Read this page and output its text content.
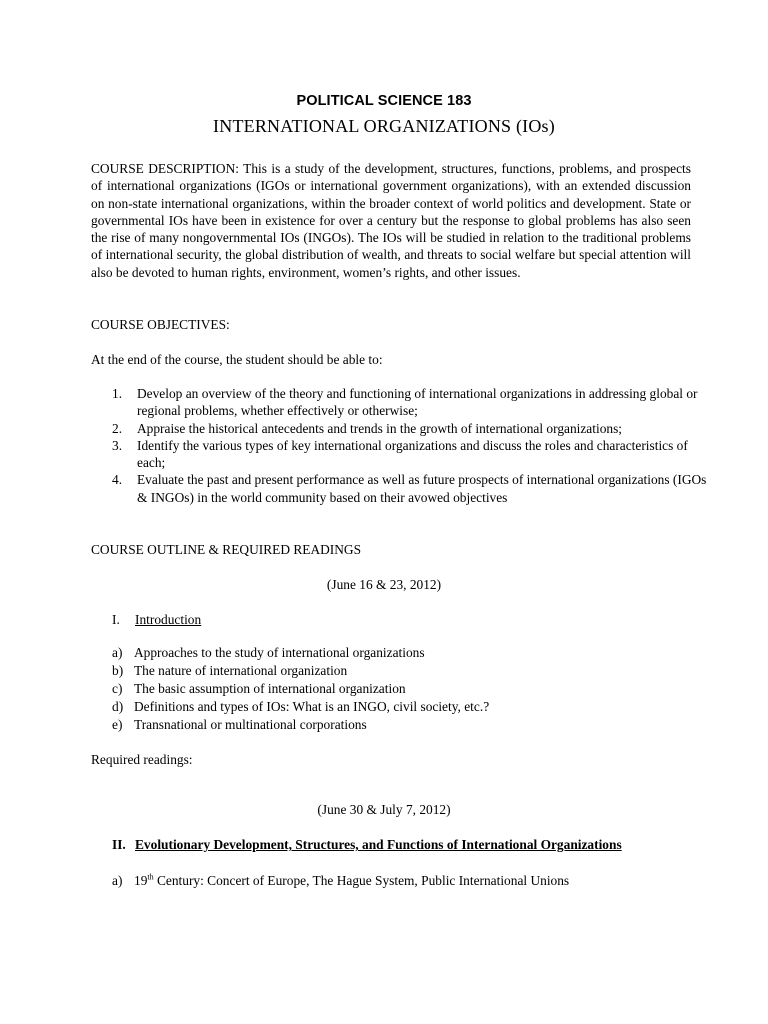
POLITICAL SCIENCE 183
INTERNATIONAL ORGANIZATIONS (IOs)
COURSE DESCRIPTION: This is a study of the development, structures, functions, problems, and prospects of international organizations (IGOs or international government organizations), with an extended discussion on non-state international organizations, within the broader context of world politics and development. State or governmental IOs have been in existence for over a century but the response to global problems has also seen the rise of many nongovernmental IOs (INGOs). The IOs will be studied in relation to the traditional problems of international security, the global distribution of wealth, and threats to social welfare but special attention will also be devoted to human rights, environment, women’s rights, and other issues.
COURSE OBJECTIVES:
At the end of the course, the student should be able to:
1. Develop an overview of the theory and functioning of international organizations in addressing global or regional problems, whether effectively or otherwise;
2. Appraise the historical antecedents and trends in the growth of international organizations;
3. Identify the various types of key international organizations and discuss the roles and characteristics of each;
4. Evaluate the past and present performance as well as future prospects of international organizations (IGOs & INGOs) in the world community based on their avowed objectives
COURSE OUTLINE & REQUIRED READINGS
(June 16 & 23, 2012)
I. Introduction
a) Approaches to the study of international organizations
b) The nature of international organization
c) The basic assumption of international organization
d) Definitions and types of IOs: What is an INGO, civil society, etc.?
e) Transnational or multinational corporations
Required readings:
(June 30 & July 7, 2012)
II. Evolutionary Development, Structures, and Functions of International Organizations
a) 19th Century: Concert of Europe, The Hague System, Public International Unions
